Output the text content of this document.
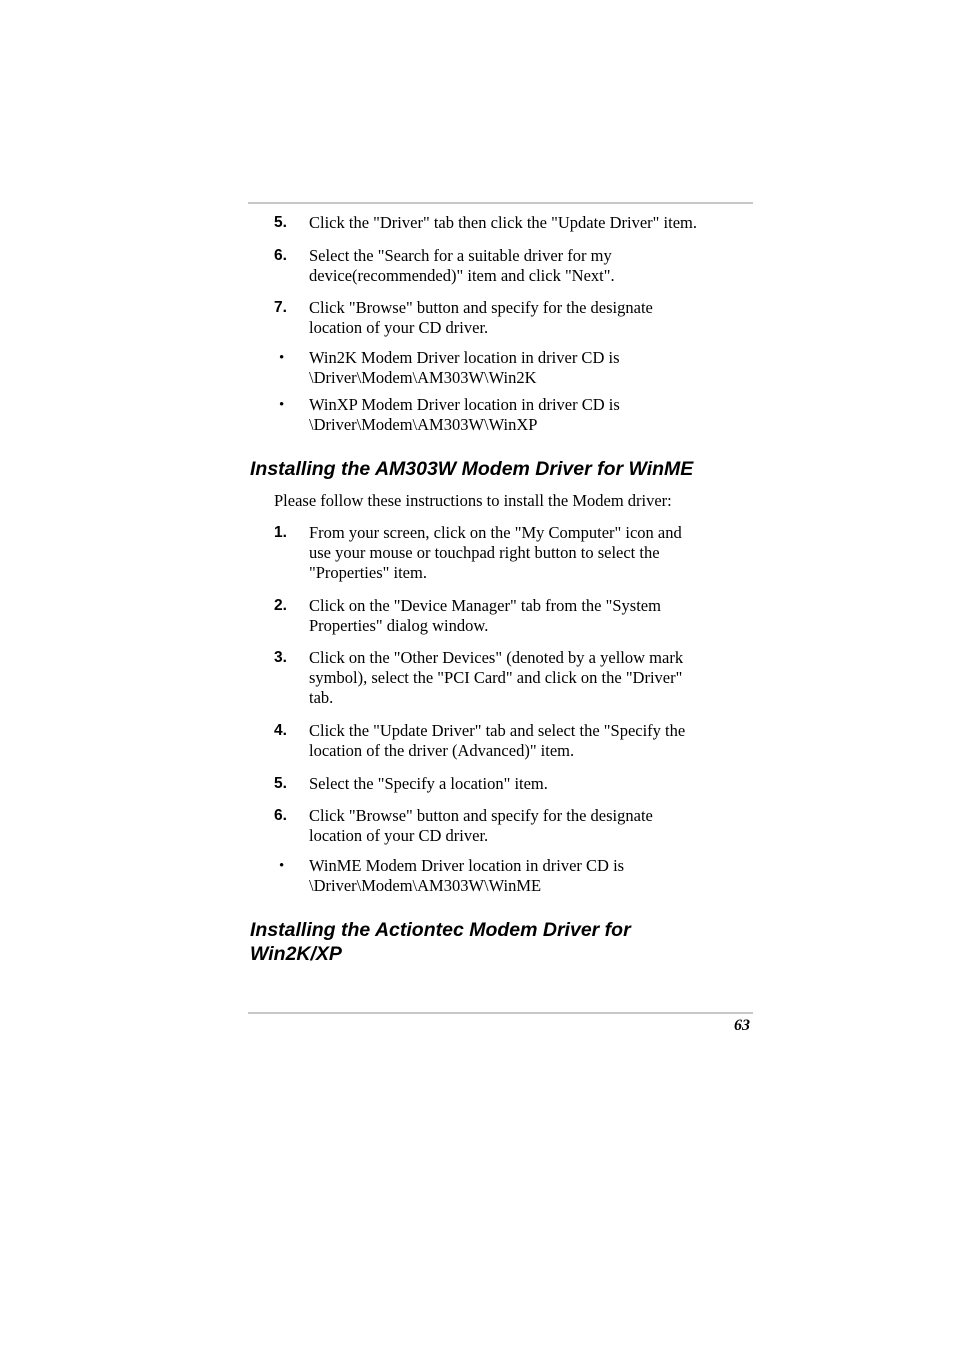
5. Click the "Driver" tab then click the "Update Driver" item.
6. Select the "Search for a suitable driver for my
device(recommended)" item and click "Next".
7. Click "Browse" button and specify for the designate
location of your CD driver.
• Win2K Modem Driver location in driver CD is
\Driver\Modem\AM303W\Win2K
• WinXP Modem Driver location in driver CD is
\Driver\Modem\AM303W\WinXP
Installing the AM303W Modem Driver for WinME
Please follow these instructions to install the Modem driver:
1. From your screen, click on the "My Computer" icon and
use your mouse or touchpad right button to select the
"Properties" item.
2. Click on the "Device Manager" tab from the "System
Properties" dialog window.
3. Click on the "Other Devices" (denoted by a yellow mark
symbol), select the "PCI Card" and click on the "Driver"
tab.
4. Click the "Update Driver" tab and select the "Specify the
location of the driver (Advanced)" item.
5. Select the "Specify a location" item.
6. Click "Browse" button and specify for the designate
location of your CD driver.
• WinME Modem Driver location in driver CD is
\Driver\Modem\AM303W\WinME
Installing the Actiontec Modem Driver for
Win2K/XP
63
